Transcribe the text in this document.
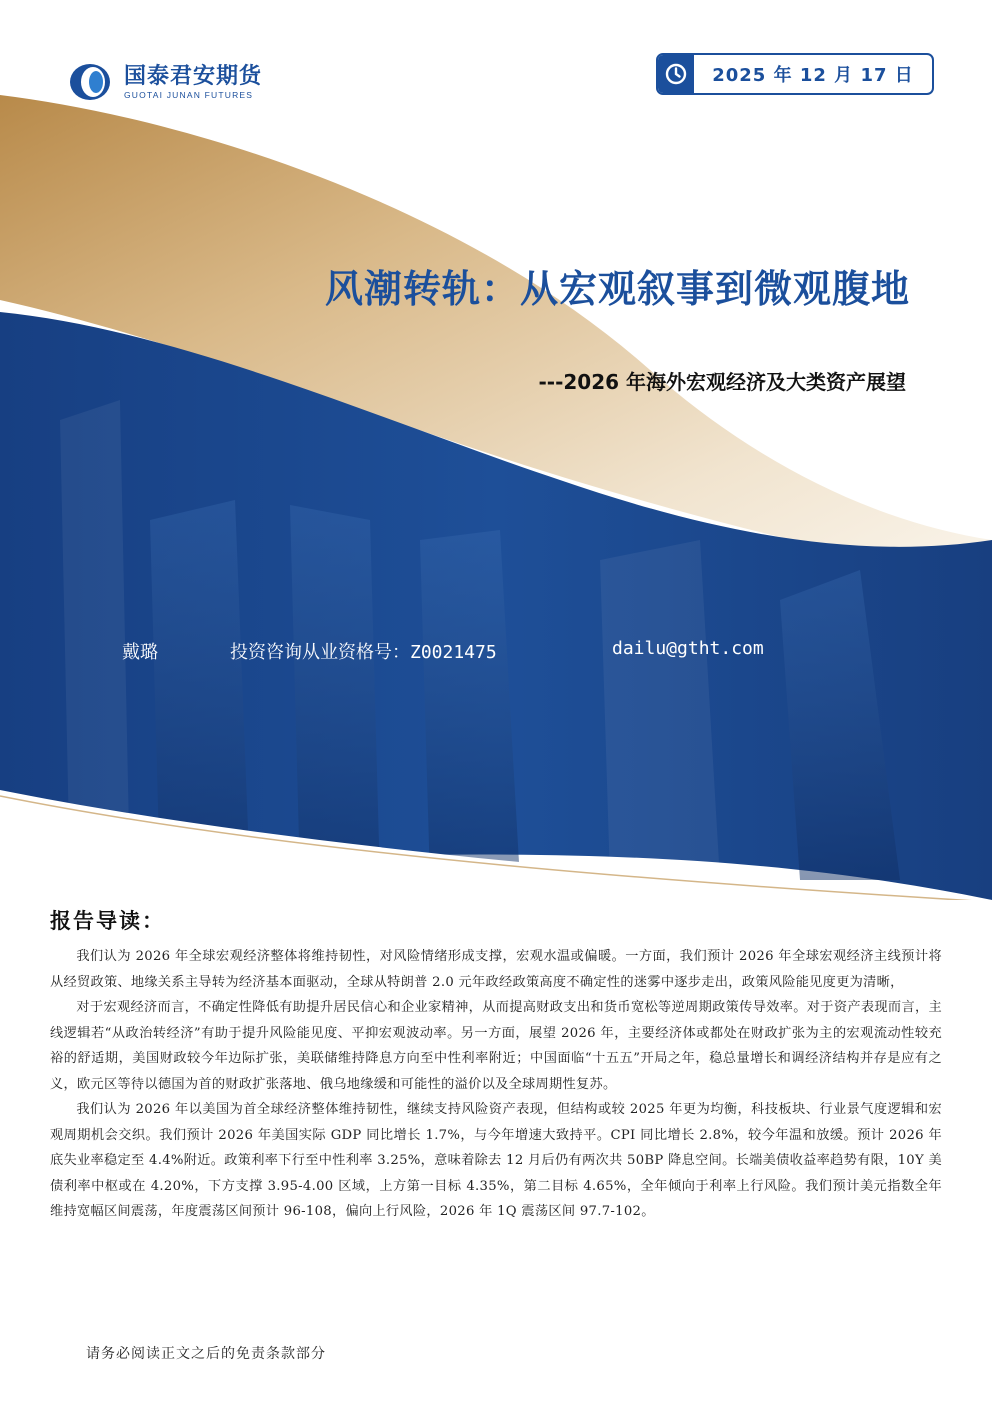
国泰君安期货
GUOTAI JUNAN FUTURES
2025 年 12 月 17 日
风潮转轨：从宏观叙事到微观腹地
---2026 年海外宏观经济及大类资产展望
戴璐	投资咨询从业资格号：Z0021475	dailu@gtht.com
报告导读：

我们认为 2026 年全球宏观经济整体将维持韧性，对风险情绪形成支撑，宏观水温或偏暖。一方面，我们预计 2026 年全球宏观经济主线预计将从经贸政策、地缘关系主导转为经济基本面驱动，全球从特朗普 2.0 元年政经政策高度不确定性的迷雾中逐步走出，政策风险能见度更为清晰，

对于宏观经济而言，不确定性降低有助提升居民信心和企业家精神，从而提高财政支出和货币宽松等逆周期政策传导效率。对于资产表现而言，主线逻辑若“从政治转经济”有助于提升风险能见度、平抑宏观波动率。另一方面，展望 2026 年，主要经济体或都处在财政扩张为主的宏观流动性较充裕的舒适期，美国财政较今年边际扩张，美联储维持降息方向至中性利率附近；中国面临“十五五”开局之年，稳总量增长和调经济结构并存是应有之义，欧元区等待以德国为首的财政扩张落地、俄乌地缘缓和可能性的溢价以及全球周期性复苏。

我们认为 2026 年以美国为首全球经济整体维持韧性，继续支持风险资产表现，但结构或较 2025 年更为均衡，科技板块、行业景气度逻辑和宏观周期机会交织。我们预计 2026 年美国实际 GDP 同比增长 1.7%，与今年增速大致持平。CPI 同比增长 2.8%，较今年温和放缓。预计 2026 年底失业率稳定至 4.4%附近。政策利率下行至中性利率 3.25%，意味着除去 12 月后仍有两次共 50BP 降息空间。长端美债收益率趋势有限，10Y 美债利率中枢或在 4.20%，下方支撑 3.95-4.00 区域，上方第一目标 4.35%，第二目标 4.65%，全年倾向于利率上行风险。我们预计美元指数全年维持宽幅区间震荡，年度震荡区间预计 96-108，偏向上行风险，2026 年 1Q 震荡区间 97.7-102。

请务必阅读正文之后的免责条款部分
